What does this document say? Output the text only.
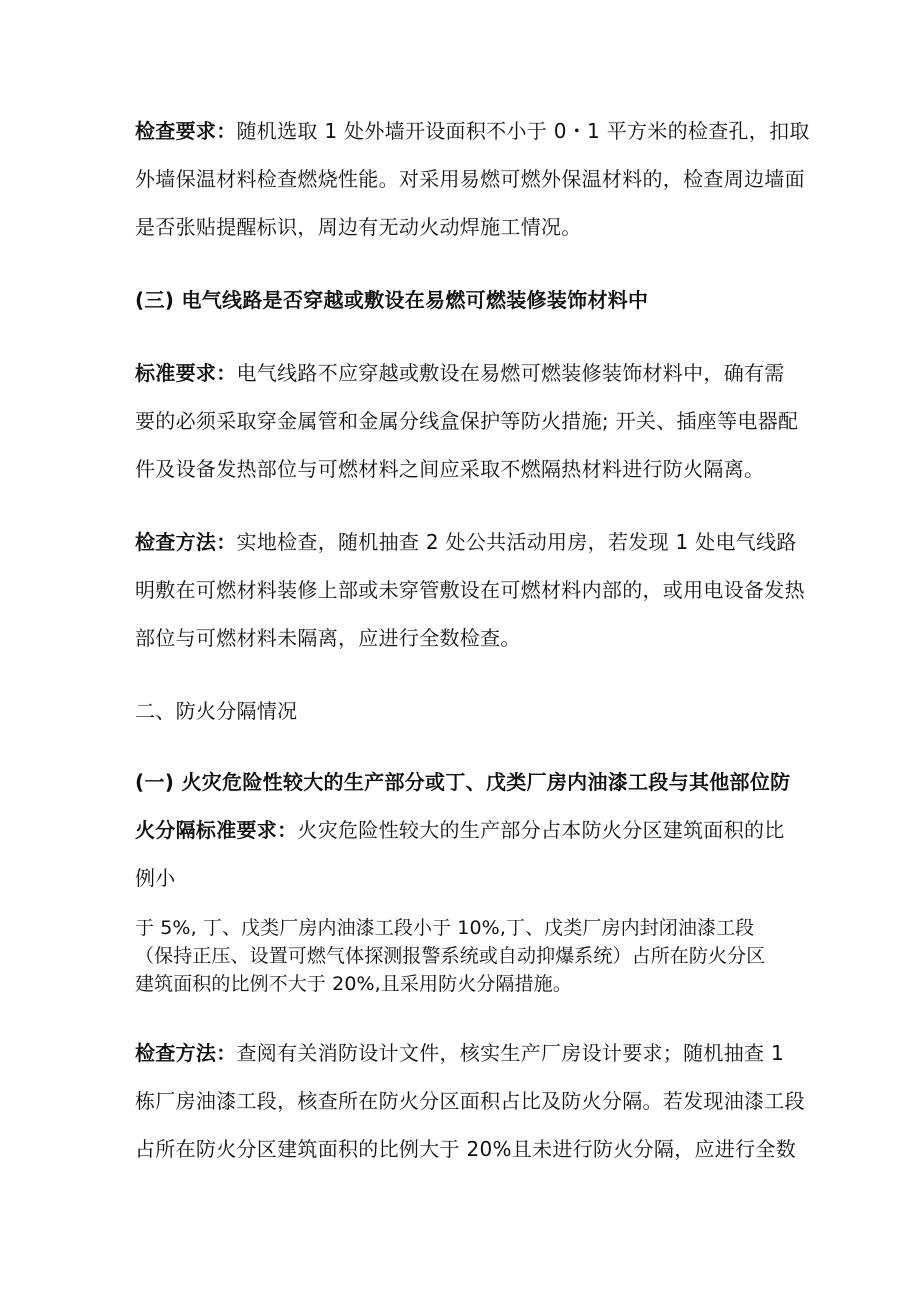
检查要求：随机选取 1 处外墙开设面积不小于 0・1 平方米的检查孔，扣取
外墙保温材料检查燃烧性能。对采用易燃可燃外保温材料的，检查周边墙面
是否张贴提醒标识，周边有无动火动焊施工情况。
(三) 电气线路是否穿越或敷设在易燃可燃装修装饰材料中
标准要求：电气线路不应穿越或敷设在易燃可燃装修装饰材料中，确有需
要的必须采取穿金属管和金属分线盒保护等防火措施; 开关、插座等电器配
件及设备发热部位与可燃材料之间应采取不燃隔热材料进行防火隔离。
检查方法：实地检查，随机抽查 2 处公共活动用房，若发现 1 处电气线路
明敷在可燃材料装修上部或未穿管敷设在可燃材料内部的，或用电设备发热
部位与可燃材料未隔离，应进行全数检查。
二、防火分隔情况
(一) 火灾危险性较大的生产部分或丁、戊类厂房内油漆工段与其他部位防
火分隔标准要求：火灾危险性较大的生产部分占本防火分区建筑面积的比
例小
于 5%, 丁、戊类厂房内油漆工段小于 10%,丁、戊类厂房内封闭油漆工段
（保持正压、设置可燃气体探测报警系统或自动抑爆系统）占所在防火分区
建筑面积的比例不大于 20%,且采用防火分隔措施。
检查方法：查阅有关消防设计文件，核实生产厂房设计要求；随机抽查 1
栋厂房油漆工段，核查所在防火分区面积占比及防火分隔。若发现油漆工段
占所在防火分区建筑面积的比例大于 20%且未进行防火分隔，应进行全数
